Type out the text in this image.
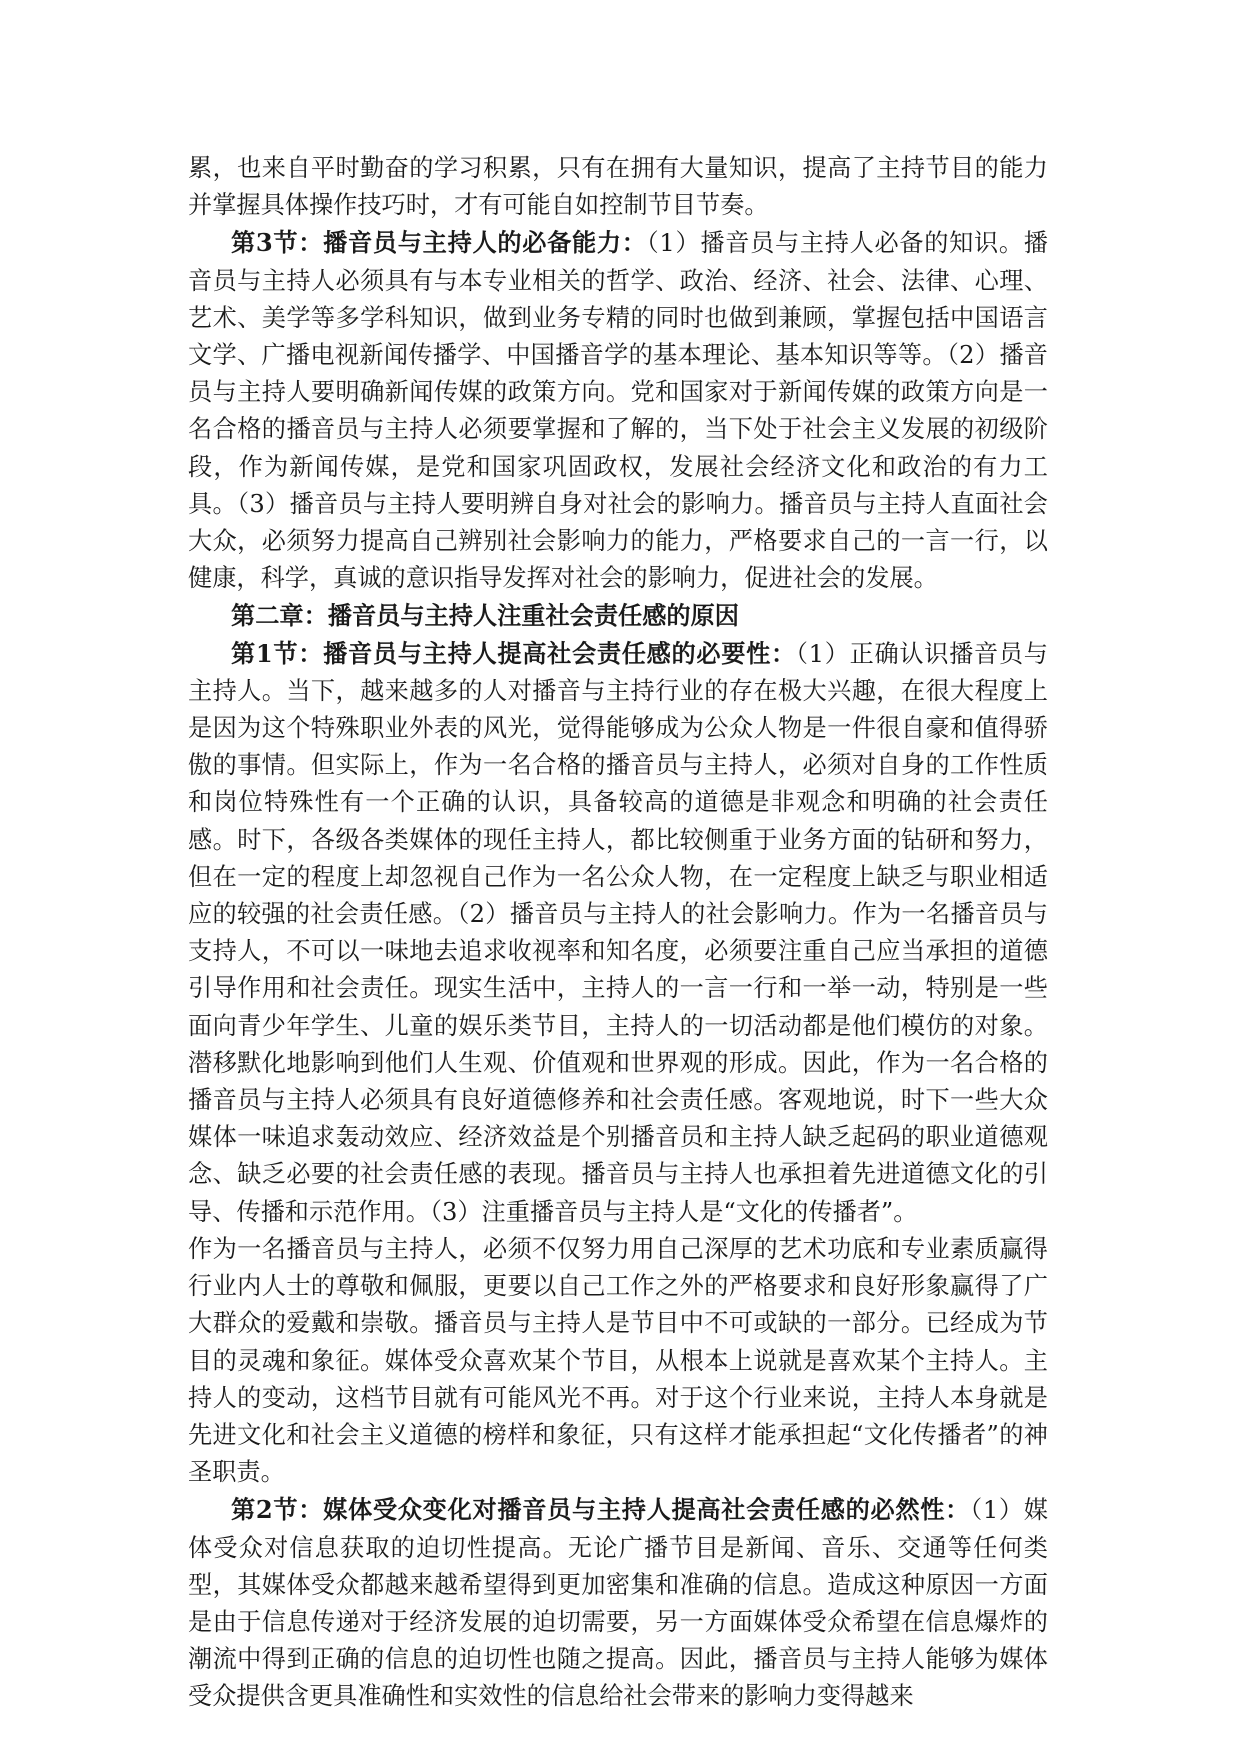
累，也来自平时勤奋的学习积累，只有在拥有大量知识，提高了主持节目的能力并掌握具体操作技巧时，才有可能自如控制节目节奏。

第3节：播音员与主持人的必备能力：（1）播音员与主持人必备的知识。播音员与主持人必须具有与本专业相关的哲学、政治、经济、社会、法律、心理、艺术、美学等多学科知识，做到业务专精的同时也做到兼顾，掌握包括中国语言文学、广播电视新闻传播学、中国播音学的基本理论、基本知识等等。（2）播音员与主持人要明确新闻传媒的政策方向。党和国家对于新闻传媒的政策方向是一名合格的播音员与主持人必须要掌握和了解的，当下处于社会主义发展的初级阶段，作为新闻传媒，是党和国家巩固政权，发展社会经济文化和政治的有力工具。（3）播音员与主持人要明辨自身对社会的影响力。播音员与主持人直面社会大众，必须努力提高自己辨别社会影响力的能力，严格要求自己的一言一行，以健康，科学，真诚的意识指导发挥对社会的影响力，促进社会的发展。

第二章：播音员与主持人注重社会责任感的原因

第1节：播音员与主持人提高社会责任感的必要性：（1）正确认识播音员与主持人。当下，越来越多的人对播音与主持行业的存在极大兴趣，在很大程度上是因为这个特殊职业外表的风光，觉得能够成为公众人物是一件很自豪和值得骄傲的事情。但实际上，作为一名合格的播音员与主持人，必须对自身的工作性质和岗位特殊性有一个正确的认识，具备较高的道德是非观念和明确的社会责任感。时下，各级各类媒体的现任主持人，都比较侧重于业务方面的钻研和努力，但在一定的程度上却忽视自己作为一名公众人物，在一定程度上缺乏与职业相适应的较强的社会责任感。（2）播音员与主持人的社会影响力。作为一名播音员与支持人，不可以一味地去追求收视率和知名度，必须要注重自己应当承担的道德引导作用和社会责任。现实生活中，主持人的一言一行和一举一动，特别是一些面向青少年学生、儿童的娱乐类节目，主持人的一切活动都是他们模仿的对象。潜移默化地影响到他们人生观、价值观和世界观的形成。因此，作为一名合格的播音员与主持人必须具有良好道德修养和社会责任感。客观地说，时下一些大众媒体一味追求轰动效应、经济效益是个别播音员和主持人缺乏起码的职业道德观念、缺乏必要的社会责任感的表现。播音员与主持人也承担着先进道德文化的引导、传播和示范作用。（3）注重播音员与主持人是“文化的传播者”。

作为一名播音员与主持人，必须不仅努力用自己深厚的艺术功底和专业素质赢得行业内人士的尊敬和佩服，更要以自己工作之外的严格要求和良好形象赢得了广大群众的爱戴和崇敬。播音员与主持人是节目中不可或缺的一部分。已经成为节目的灵魂和象征。媒体受众喜欢某个节目，从根本上说就是喜欢某个主持人。主持人的变动，这档节目就有可能风光不再。对于这个行业来说，主持人本身就是先进文化和社会主义道德的榜样和象征，只有这样才能承担起“文化传播者”的神圣职责。

第2节：媒体受众变化对播音员与主持人提高社会责任感的必然性：（1）媒体受众对信息获取的迫切性提高。无论广播节目是新闻、音乐、交通等任何类型，其媒体受众都越来越希望得到更加密集和准确的信息。造成这种原因一方面是由于信息传递对于经济发展的迫切需要，另一方面媒体受众希望在信息爆炸的潮流中得到正确的信息的迫切性也随之提高。因此，播音员与主持人能够为媒体受众提供含更具准确性和实效性的信息给社会带来的影响力变得越来
